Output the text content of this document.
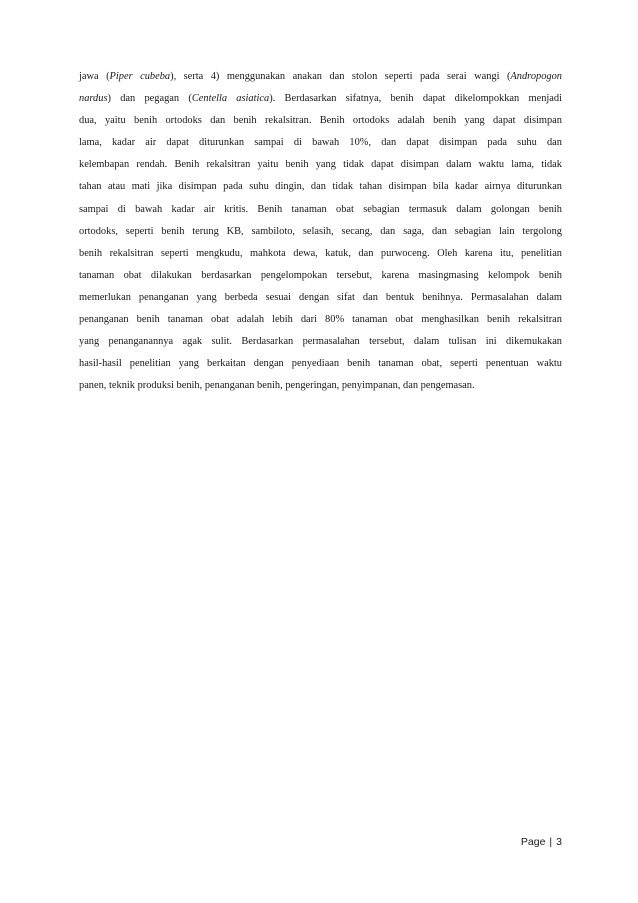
jawa (Piper cubeba), serta 4) menggunakan anakan dan stolon seperti pada serai wangi (Andropogon
nardus) dan pegagan (Centella asiatica). Berdasarkan sifatnya, benih dapat dikelompokkan menjadi
dua, yaitu benih ortodoks dan benih rekalsitran. Benih ortodoks adalah benih yang dapat disimpan
lama, kadar air dapat diturunkan sampai di bawah 10%, dan dapat disimpan pada suhu dan
kelembapan rendah. Benih rekalsitran yaitu benih yang tidak dapat disimpan dalam waktu lama, tidak
tahan atau mati jika disimpan pada suhu dingin, dan tidak tahan disimpan bila kadar airnya diturunkan
sampai di bawah kadar air kritis. Benih tanaman obat sebagian termasuk dalam golongan benih
ortodoks, seperti benih terung KB, sambiloto, selasih, secang, dan saga, dan sebagian lain tergolong
benih rekalsitran seperti mengkudu, mahkota dewa, katuk, dan purwoceng. Oleh karena itu, penelitian
tanaman obat dilakukan berdasarkan pengelompokan tersebut, karena masingmasing kelompok benih
memerlukan penanganan yang berbeda sesuai dengan sifat dan bentuk benihnya. Permasalahan dalam
penanganan benih tanaman obat adalah lebih dari 80% tanaman obat menghasilkan benih rekalsitran
yang penanganannya agak sulit. Berdasarkan permasalahan tersebut, dalam tulisan ini dikemukakan
hasil-hasil penelitian yang berkaitan dengan penyediaan benih tanaman obat, seperti penentuan waktu
panen, teknik produksi benih, penanganan benih, pengeringan, penyimpanan, dan pengemasan.
Page | 3
